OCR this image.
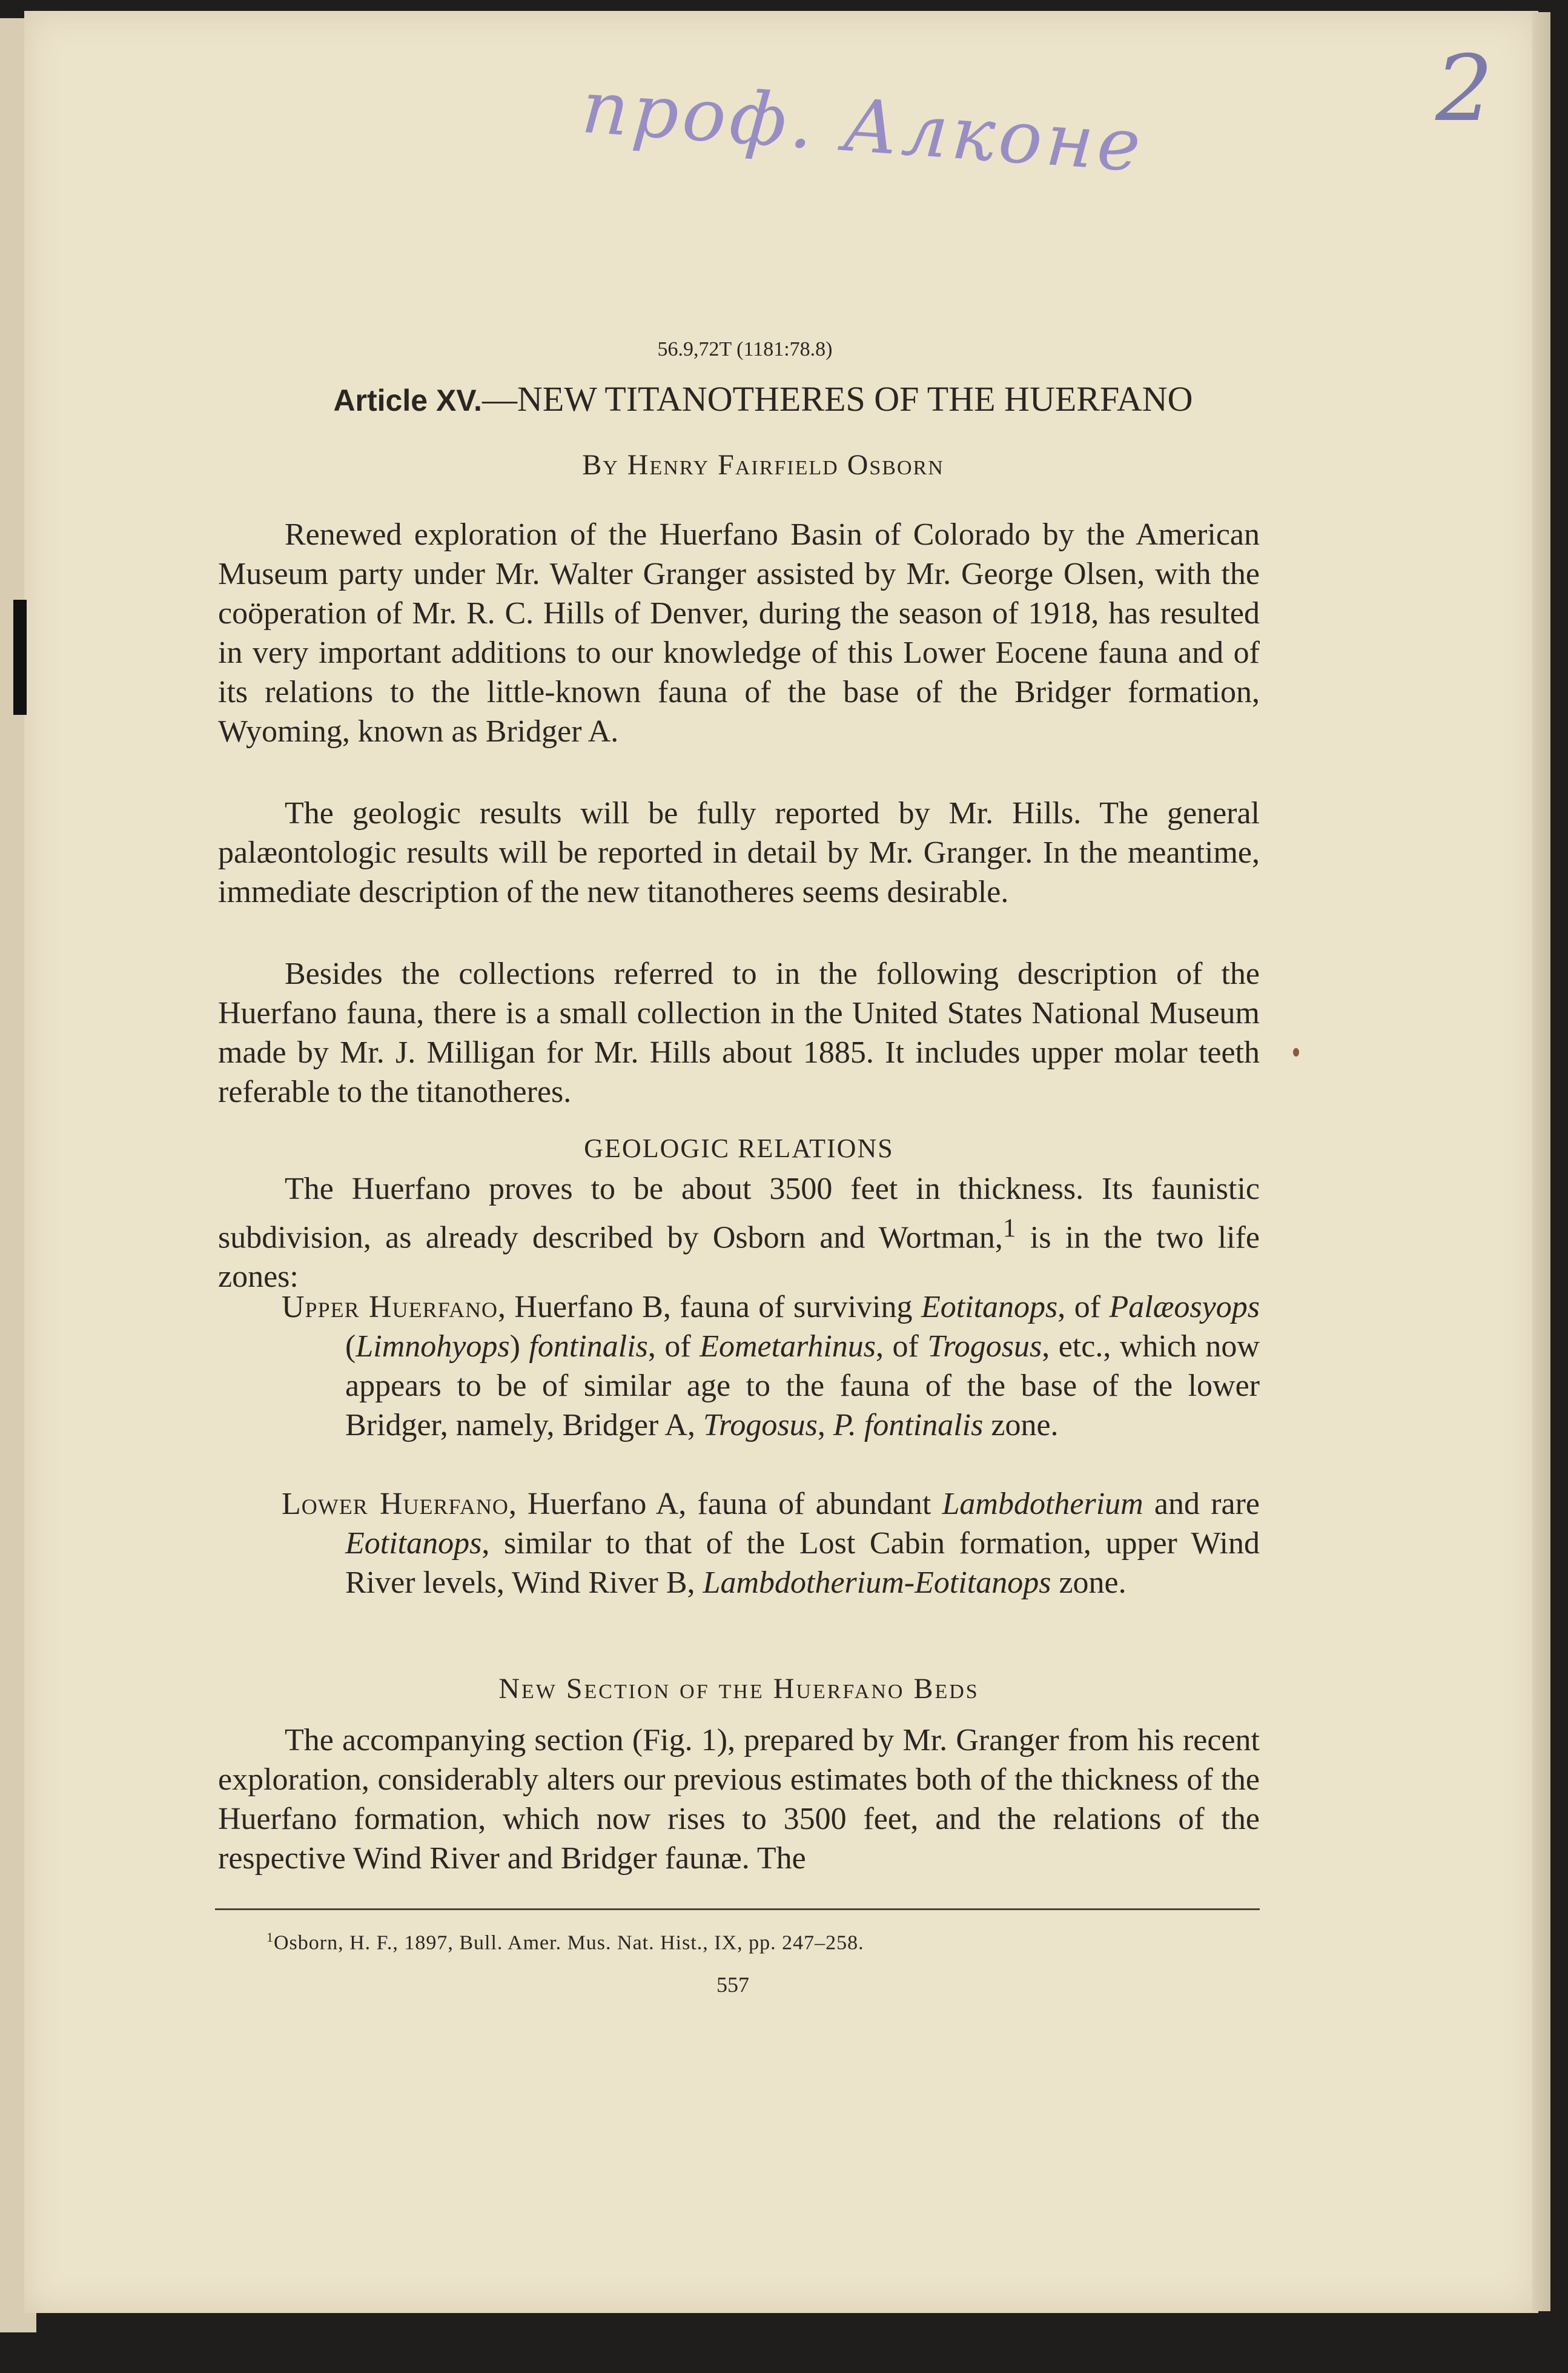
2
проф. Алконе
56.9,72T (1181:78.8)
Article XV.—NEW TITANOTHERES OF THE HUERFANO
By Henry Fairfield Osborn

Renewed exploration of the Huerfano Basin of Colorado by the American Museum party under Mr. Walter Granger assisted by Mr. George Olsen, with the coöperation of Mr. R. C. Hills of Denver, during the season of 1918, has resulted in very important additions to our knowledge of this Lower Eocene fauna and of its relations to the little-known fauna of the base of the Bridger formation, Wyoming, known as Bridger A.

The geologic results will be fully reported by Mr. Hills. The general palæontologic results will be reported in detail by Mr. Granger. In the meantime, immediate description of the new titanotheres seems desirable.

Besides the collections referred to in the following description of the Huerfano fauna, there is a small collection in the United States National Museum made by Mr. J. Milligan for Mr. Hills about 1885. It includes upper molar teeth referable to the titanotheres.

GEOLOGIC RELATIONS

The Huerfano proves to be about 3500 feet in thickness. Its faunistic subdivision, as already described by Osborn and Wortman,$^1$ is in the two life zones:

Upper Huerfano, Huerfano B, fauna of surviving Eotitanops, of Palæosyops (Limnohyops) fontinalis, of Eometarhinus, of Trogosus, etc., which now appears to be of similar age to the fauna of the base of the lower Bridger, namely, Bridger A, Trogosus, P. fontinalis zone.
Lower Huerfano, Huerfano A, fauna of abundant Lambdotherium and rare Eotitanops, similar to that of the Lost Cabin formation, upper Wind River levels, Wind River B, Lambdotherium-Eotitanops zone.
New Section of the Huerfano Beds

The accompanying section (Fig. 1), prepared by Mr. Granger from his recent exploration, considerably alters our previous estimates both of the thickness of the Huerfano formation, which now rises to 3500 feet, and the relations of the respective Wind River and Bridger faunæ. The

$^1$Osborn, H. F., 1897, Bull. Amer. Mus. Nat. Hist., IX, pp. 247–258.
557
